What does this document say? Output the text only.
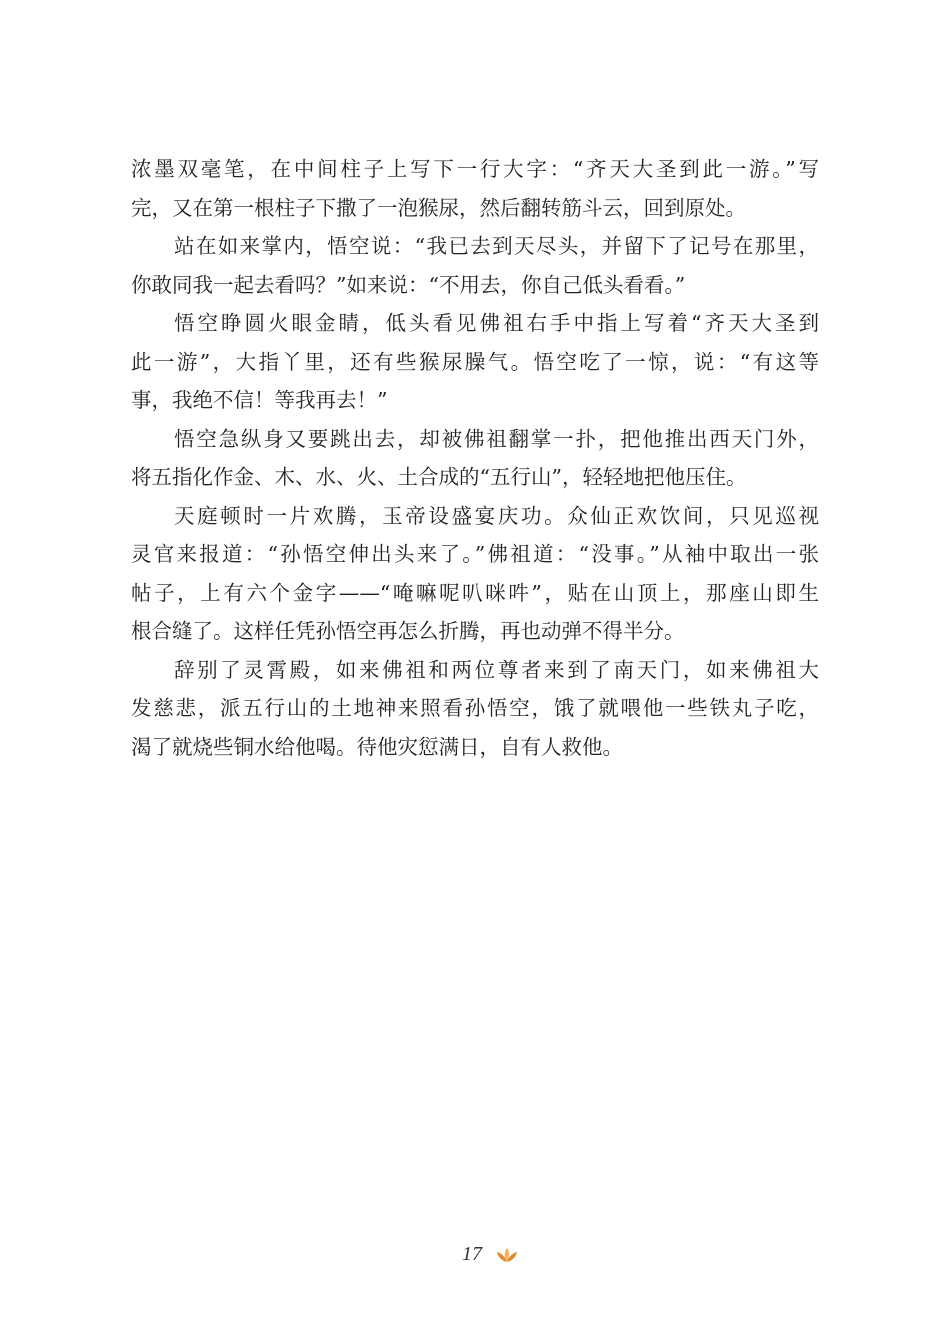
浓墨双毫笔，在中间柱子上写下一行大字：“齐天大圣到此一游。”写
完，又在第一根柱子下撒了一泡猴尿，然后翻转筋斗云，回到原处。
站在如来掌内，悟空说：“我已去到天尽头，并留下了记号在那里，
你敢同我一起去看吗？”如来说：“不用去，你自己低头看看。”
悟空睁圆火眼金睛，低头看见佛祖右手中指上写着“齐天大圣到
此一游”，大指丫里，还有些猴尿臊气。悟空吃了一惊，说：“有这等
事，我绝不信！等我再去！”
悟空急纵身又要跳出去，却被佛祖翻掌一扑，把他推出西天门外，
将五指化作金、木、水、火、土合成的“五行山”，轻轻地把他压住。
天庭顿时一片欢腾，玉帝设盛宴庆功。众仙正欢饮间，只见巡视
灵官来报道：“孙悟空伸出头来了。”佛祖道：“没事。”从袖中取出一张
帖子，上有六个金字——“唵嘛呢叭咪吽”，贴在山顶上，那座山即生
根合缝了。这样任凭孙悟空再怎么折腾，再也动弹不得半分。
辞别了灵霄殿，如来佛祖和两位尊者来到了南天门，如来佛祖大
发慈悲，派五行山的土地神来照看孙悟空，饿了就喂他一些铁丸子吃，
渴了就烧些铜水给他喝。待他灾愆满日，自有人救他。
17
